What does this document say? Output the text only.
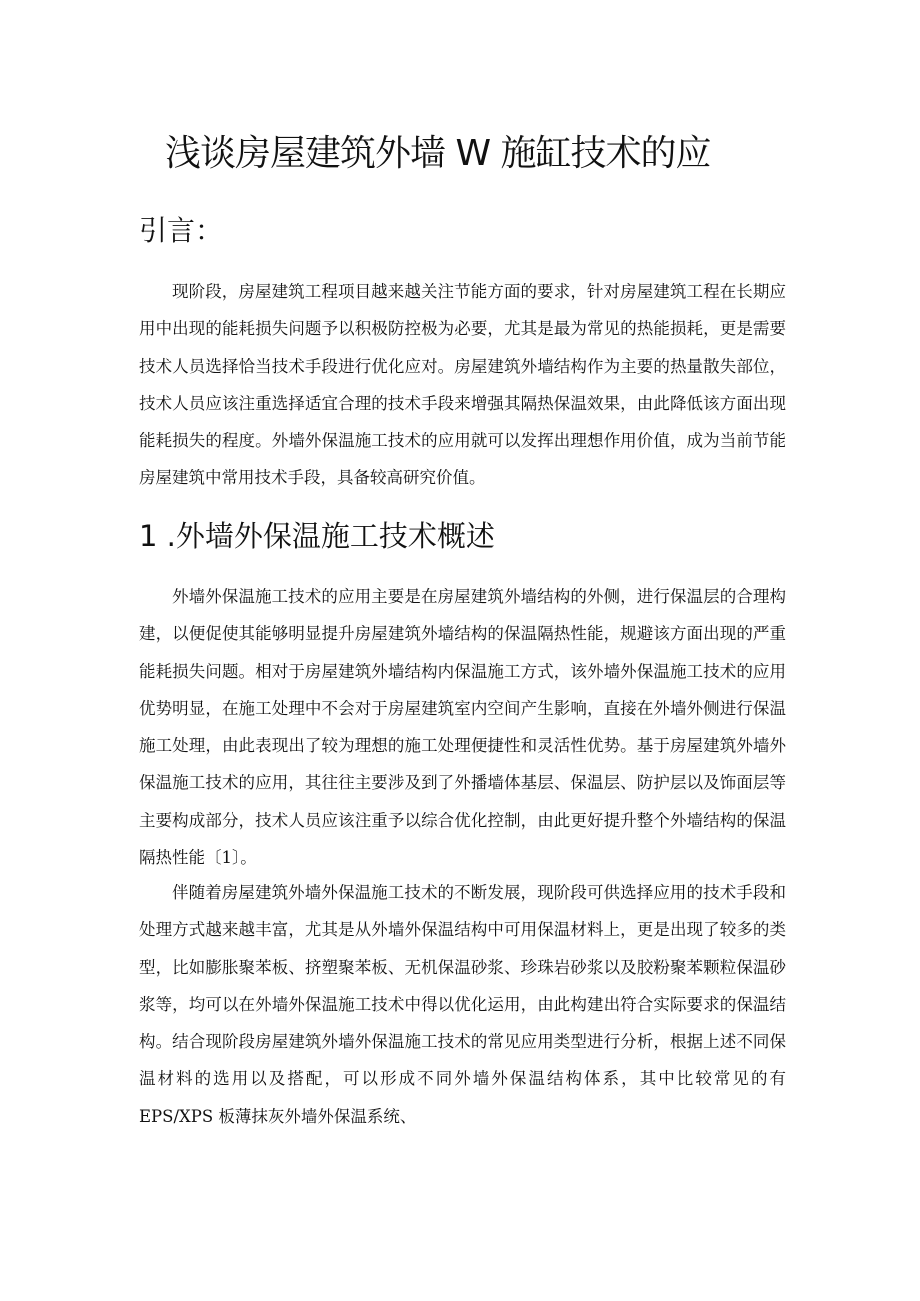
浅谈房屋建筑外墙 W 施缸技术的应
引言：

现阶段，房屋建筑工程项目越来越关注节能方面的要求，针对房屋建筑工程在长期应用中出现的能耗损失问题予以积极防控极为必要，尤其是最为常见的热能损耗，更是需要技术人员选择恰当技术手段进行优化应对。房屋建筑外墙结构作为主要的热量散失部位，技术人员应该注重选择适宜合理的技术手段来增强其隔热保温效果，由此降低该方面出现能耗损失的程度。外墙外保温施工技术的应用就可以发挥出理想作用价值，成为当前节能房屋建筑中常用技术手段，具备较高研究价值。

1 .外墙外保温施工技术概述

外墙外保温施工技术的应用主要是在房屋建筑外墙结构的外侧，进行保温层的合理构建，以便促使其能够明显提升房屋建筑外墙结构的保温隔热性能，规避该方面出现的严重能耗损失问题。相对于房屋建筑外墙结构内保温施工方式，该外墙外保温施工技术的应用优势明显，在施工处理中不会对于房屋建筑室内空间产生影响，直接在外墙外侧进行保温施工处理，由此表现出了较为理想的施工处理便捷性和灵活性优势。基于房屋建筑外墙外保温施工技术的应用，其往往主要涉及到了外播墙体基层、保温层、防护层以及饰面层等主要构成部分，技术人员应该注重予以综合优化控制，由此更好提升整个外墙结构的保温隔热性能〔1〕。

伴随着房屋建筑外墙外保温施工技术的不断发展，现阶段可供选择应用的技术手段和处理方式越来越丰富，尤其是从外墙外保温结构中可用保温材料上，更是出现了较多的类型，比如膨胀聚苯板、挤塑聚苯板、无机保温砂浆、珍珠岩砂浆以及胶粉聚苯颗粒保温砂浆等，均可以在外墙外保温施工技术中得以优化运用，由此构建出符合实际要求的保温结构。结合现阶段房屋建筑外墙外保温施工技术的常见应用类型进行分析，根据上述不同保温材料的选用以及搭配，可以形成不同外墙外保温结构体系，其中比较常见的有EPS/XPS 板薄抹灰外墙外保温系统、
